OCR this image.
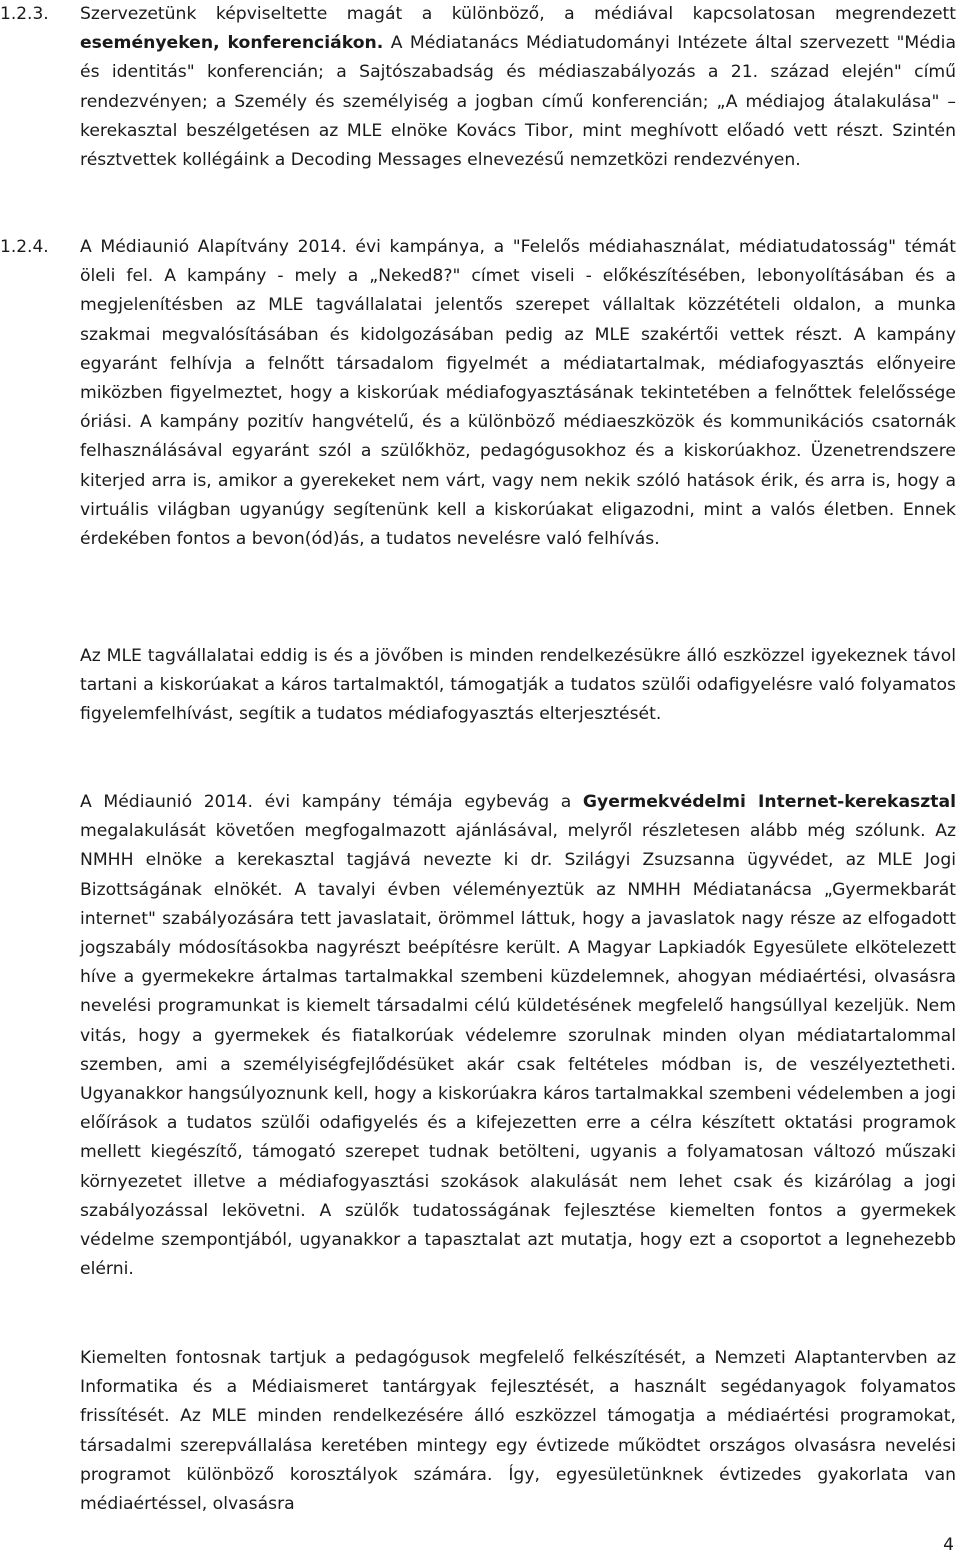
1.2.3. Szervezetünk képviseltette magát a különböző, a médiával kapcsolatosan megrendezett eseményeken, konferenciákon. A Médiatanács Médiatudományi Intézete által szervezett "Média és identitás" konferencián; a Sajtószabadság és médiaszabályozás a 21. század elején" című rendezvényen; a Személy és személyiség a jogban című konferencián; „A médiajog átalakulása" – kerekasztal beszélgetésen az MLE elnöke Kovács Tibor, mint meghívott előadó vett részt. Szintén résztvettek kollégáink a Decoding Messages elnevezésű nemzetközi rendezvényen.
1.2.4. A Médiaunió Alapítvány 2014. évi kampánya, a "Felelős médiahasználat, médiatudatosság" témát öleli fel. A kampány - mely a „Neked8?" címet viseli - előkészítésében, lebonyolításában és a megjelenítésben az MLE tagvállalatai jelentős szerepet vállaltak közzétételi oldalon, a munka szakmai megvalósításában és kidolgozásában pedig az MLE szakértői vettek részt. A kampány egyaránt felhívja a felnőtt társadalom figyelmét a médiatartalmak, médiafogyasztás előnyeire miközben figyelmeztet, hogy a kiskorúak médiafogyasztásának tekintetében a felnőttek felelőssége óriási. A kampány pozitív hangvételű, és a különböző médiaeszközök és kommunikációs csatornák felhasználásával egyaránt szól a szülőkhöz, pedagógusokhoz és a kiskorúakhoz. Üzenetrendszere kiterjed arra is, amikor a gyerekeket nem várt, vagy nem nekik szóló hatások érik, és arra is, hogy a virtuális világban ugyanúgy segítenünk kell a kiskorúakat eligazodni, mint a valós életben. Ennek érdekében fontos a bevon(ód)ás, a tudatos nevelésre való felhívás.
Az MLE tagvállalatai eddig is és a jövőben is minden rendelkezésükre álló eszközzel igyekeznek távol tartani a kiskorúakat a káros tartalmaktól, támogatják a tudatos szülői odafigyelésre való folyamatos figyelemfelhívást, segítik a tudatos médiafogyasztás elterjesztését.
A Médiaunió 2014. évi kampány témája egybevág a Gyermekvédelmi Internet-kerekasztal megalakulását követően megfogalmazott ajánlásával, melyről részletesen alább még szólunk. Az NMHH elnöke a kerekasztal tagjává nevezte ki dr. Szilágyi Zsuzsanna ügyvédet, az MLE Jogi Bizottságának elnökét. A tavalyi évben véleményeztük az NMHH Médiatanácsa „Gyermekbarát internet" szabályozására tett javaslatait, örömmel láttuk, hogy a javaslatok nagy része az elfogadott jogszabály módosításokba nagyrészt beépítésre került. A Magyar Lapkiadók Egyesülete elkötelezett híve a gyermekekre ártalmas tartalmakkal szembeni küzdelemnek, ahogyan médiaértési, olvasásra nevelési programunkat is kiemelt társadalmi célú küldetésének megfelelő hangsúllyal kezeljük. Nem vitás, hogy a gyermekek és fiatalkorúak védelemre szorulnak minden olyan médiatartalommal szemben, ami a személyiségfejlődésüket akár csak feltételes módban is, de veszélyeztetheti. Ugyanakkor hangsúlyoznunk kell, hogy a kiskorúakra káros tartalmakkal szembeni védelemben a jogi előírások a tudatos szülői odafigyelés és a kifejezetten erre a célra készített oktatási programok mellett kiegészítő, támogató szerepet tudnak betölteni, ugyanis a folyamatosan változó műszaki környezetet illetve a médiafogyasztási szokások alakulását nem lehet csak és kizárólag a jogi szabályozással lekövetni. A szülők tudatosságának fejlesztése kiemelten fontos a gyermekek védelme szempontjából, ugyanakkor a tapasztalat azt mutatja, hogy ezt a csoportot a legnehezebb elérni.
Kiemelten fontosnak tartjuk a pedagógusok megfelelő felkészítését, a Nemzeti Alaptantervben az Informatika és a Médiaismeret tantárgyak fejlesztését, a használt segédanyagok folyamatos frissítését. Az MLE minden rendelkezésére álló eszközzel támogatja a médiaértési programokat, társadalmi szerepvállalása keretében mintegy egy évtizede működtet országos olvasásra nevelési programot különböző korosztályok számára. Így, egyesületünknek évtizedes gyakorlata van médiaértéssel, olvasásra
4
